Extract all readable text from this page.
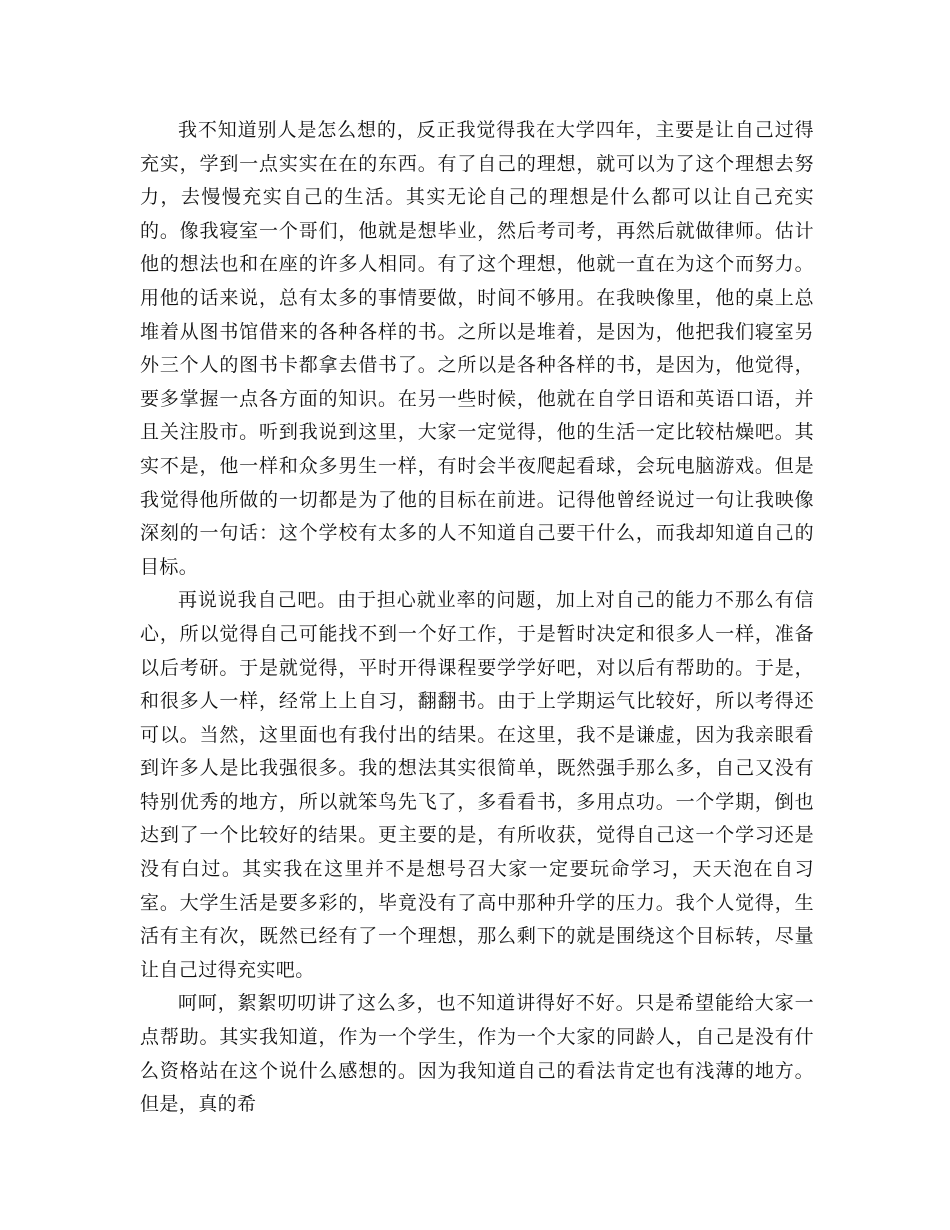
我不知道别人是怎么想的，反正我觉得我在大学四年，主要是让自己过得充实，学到一点实实在在的东西。有了自己的理想，就可以为了这个理想去努力，去慢慢充实自己的生活。其实无论自己的理想是什么都可以让自己充实的。像我寝室一个哥们，他就是想毕业，然后考司考，再然后就做律师。估计他的想法也和在座的许多人相同。有了这个理想，他就一直在为这个而努力。用他的话来说，总有太多的事情要做，时间不够用。在我映像里，他的桌上总堆着从图书馆借来的各种各样的书。之所以是堆着，是因为，他把我们寝室另外三个人的图书卡都拿去借书了。之所以是各种各样的书，是因为，他觉得，要多掌握一点各方面的知识。在另一些时候，他就在自学日语和英语口语，并且关注股市。听到我说到这里，大家一定觉得，他的生活一定比较枯燥吧。其实不是，他一样和众多男生一样，有时会半夜爬起看球，会玩电脑游戏。但是我觉得他所做的一切都是为了他的目标在前进。记得他曾经说过一句让我映像深刻的一句话：这个学校有太多的人不知道自己要干什么，而我却知道自己的目标。

再说说我自己吧。由于担心就业率的问题，加上对自己的能力不那么有信心，所以觉得自己可能找不到一个好工作，于是暂时决定和很多人一样，准备以后考研。于是就觉得，平时开得课程要学学好吧，对以后有帮助的。于是，和很多人一样，经常上上自习，翻翻书。由于上学期运气比较好，所以考得还可以。当然，这里面也有我付出的结果。在这里，我不是谦虚，因为我亲眼看到许多人是比我强很多。我的想法其实很简单，既然强手那么多，自己又没有特别优秀的地方，所以就笨鸟先飞了，多看看书，多用点功。一个学期，倒也达到了一个比较好的结果。更主要的是，有所收获，觉得自己这一个学习还是没有白过。其实我在这里并不是想号召大家一定要玩命学习，天天泡在自习室。大学生活是要多彩的，毕竟没有了高中那种升学的压力。我个人觉得，生活有主有次，既然已经有了一个理想，那么剩下的就是围绕这个目标转，尽量让自己过得充实吧。

呵呵，絮絮叨叨讲了这么多，也不知道讲得好不好。只是希望能给大家一点帮助。其实我知道，作为一个学生，作为一个大家的同龄人，自己是没有什么资格站在这个说什么感想的。因为我知道自己的看法肯定也有浅薄的地方。但是，真的希
